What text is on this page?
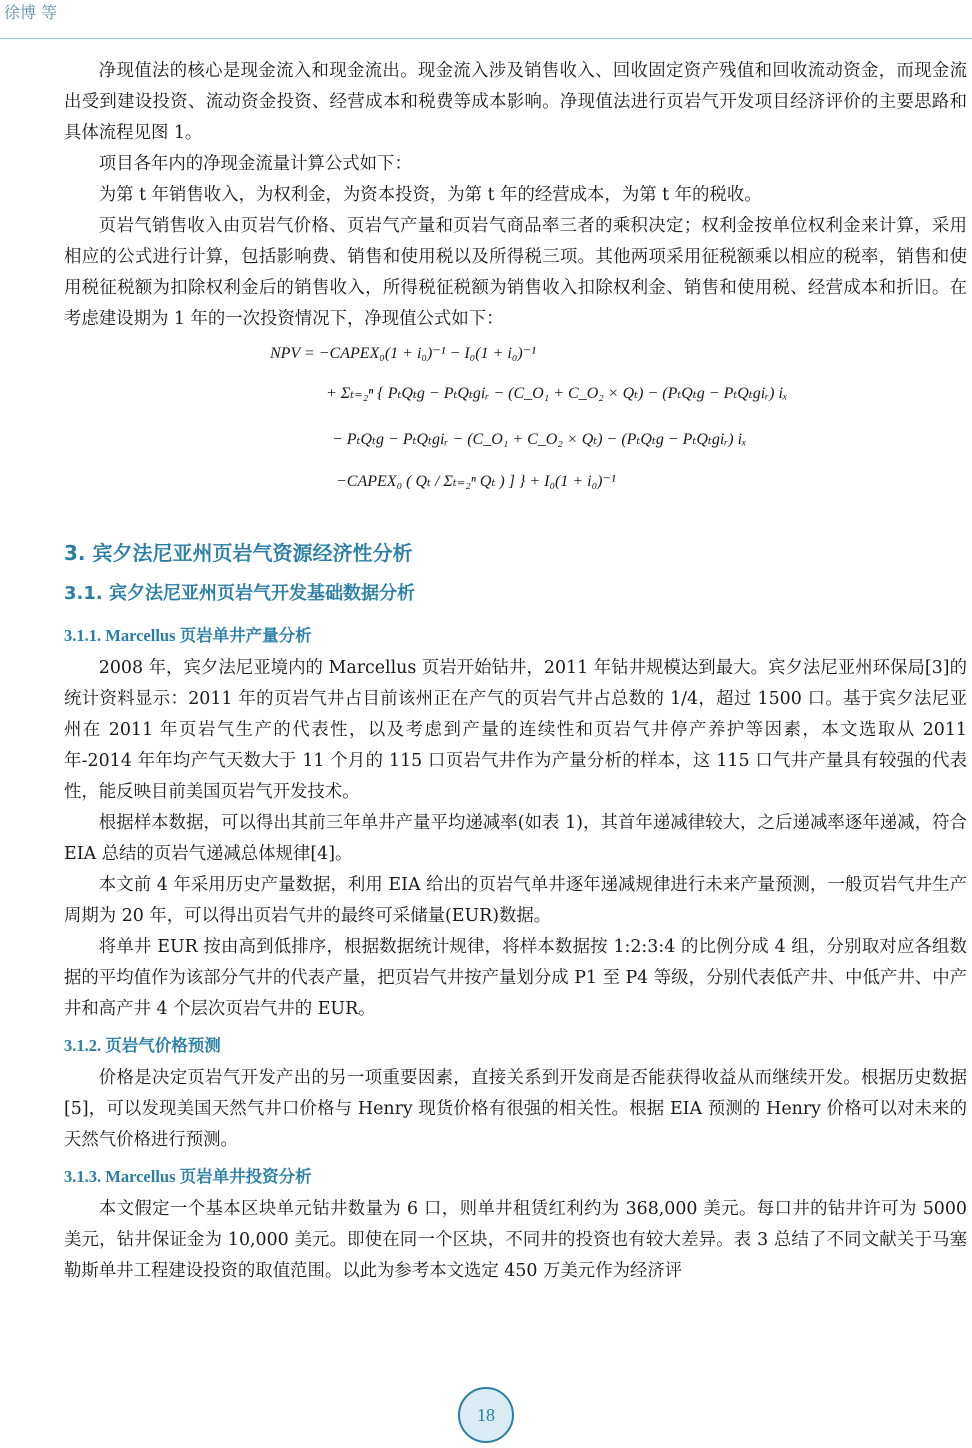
徐博 等

净现值法的核心是现金流入和现金流出。现金流入涉及销售收入、回收固定资产残值和回收流动资金，而现金流出受到建设投资、流动资金投资、经营成本和税费等成本影响。净现值法进行页岩气开发项目经济评价的主要思路和具体流程见图 1。

项目各年内的净现金流量计算公式如下：

为第 t 年销售收入，为权利金，为资本投资，为第 t 年的经营成本，为第 t 年的税收。

页岩气销售收入由页岩气价格、页岩气产量和页岩气商品率三者的乘积决定；权利金按单位权利金来计算，采用相应的公式进行计算，包括影响费、销售和使用税以及所得税三项。其他两项采用征税额乘以相应的税率，销售和使用税征税额为扣除权利金后的销售收入，所得税征税额为销售收入扣除权利金、销售和使用税、经营成本和折旧。在考虑建设期为 1 年的一次投资情况下，净现值公式如下：

NPV = −CAPEX₀(1 + i₀)⁻¹ − I₀(1 + i₀)⁻¹
+ Σₜ₌₂ⁿ { PₜQₜg − PₜQₜgiᵣ − (C_O₁ + C_O₂ × Qₜ) − (PₜQₜg − PₜQₜgiᵣ) iₓ
− PₜQₜg − PₜQₜgiᵣ − (C_O₁ + C_O₂ × Qₜ) − (PₜQₜg − PₜQₜgiᵣ) iₓ
−CAPEX₀ ( Qₜ / Σₜ₌₂ⁿ Qₜ ) ] } + I₀(1 + i₀)⁻¹
3. 宾夕法尼亚州页岩气资源经济性分析
3.1. 宾夕法尼亚州页岩气开发基础数据分析
3.1.1. Marcellus 页岩单井产量分析

2008 年，宾夕法尼亚境内的 Marcellus 页岩开始钻井，2011 年钻井规模达到最大。宾夕法尼亚州环保局[3]的统计资料显示：2011 年的页岩气井占目前该州正在产气的页岩气井占总数的 1/4，超过 1500 口。基于宾夕法尼亚州在 2011 年页岩气生产的代表性，以及考虑到产量的连续性和页岩气井停产养护等因素，本文选取从 2011 年-2014 年年均产气天数大于 11 个月的 115 口页岩气井作为产量分析的样本，这 115 口气井产量具有较强的代表性，能反映目前美国页岩气开发技术。

根据样本数据，可以得出其前三年单井产量平均递减率(如表 1)，其首年递减律较大，之后递减率逐年递减，符合 EIA 总结的页岩气递减总体规律[4]。

本文前 4 年采用历史产量数据，利用 EIA 给出的页岩气单井逐年递减规律进行未来产量预测，一般页岩气井生产周期为 20 年，可以得出页岩气井的最终可采储量(EUR)数据。

将单井 EUR 按由高到低排序，根据数据统计规律，将样本数据按 1:2:3:4 的比例分成 4 组，分别取对应各组数据的平均值作为该部分气井的代表产量，把页岩气井按产量划分成 P1 至 P4 等级，分别代表低产井、中低产井、中产井和高产井 4 个层次页岩气井的 EUR。

3.1.2. 页岩气价格预测

价格是决定页岩气开发产出的另一项重要因素，直接关系到开发商是否能获得收益从而继续开发。根据历史数据[5]，可以发现美国天然气井口价格与 Henry 现货价格有很强的相关性。根据 EIA 预测的 Henry 价格可以对未来的天然气价格进行预测。

3.1.3. Marcellus 页岩单井投资分析

本文假定一个基本区块单元钻井数量为 6 口，则单井租赁红利约为 368,000 美元。每口井的钻井许可为 5000 美元，钻井保证金为 10,000 美元。即使在同一个区块，不同井的投资也有较大差异。表 3 总结了不同文献关于马塞勒斯单井工程建设投资的取值范围。以此为参考本文选定 450 万美元作为经济评

18
